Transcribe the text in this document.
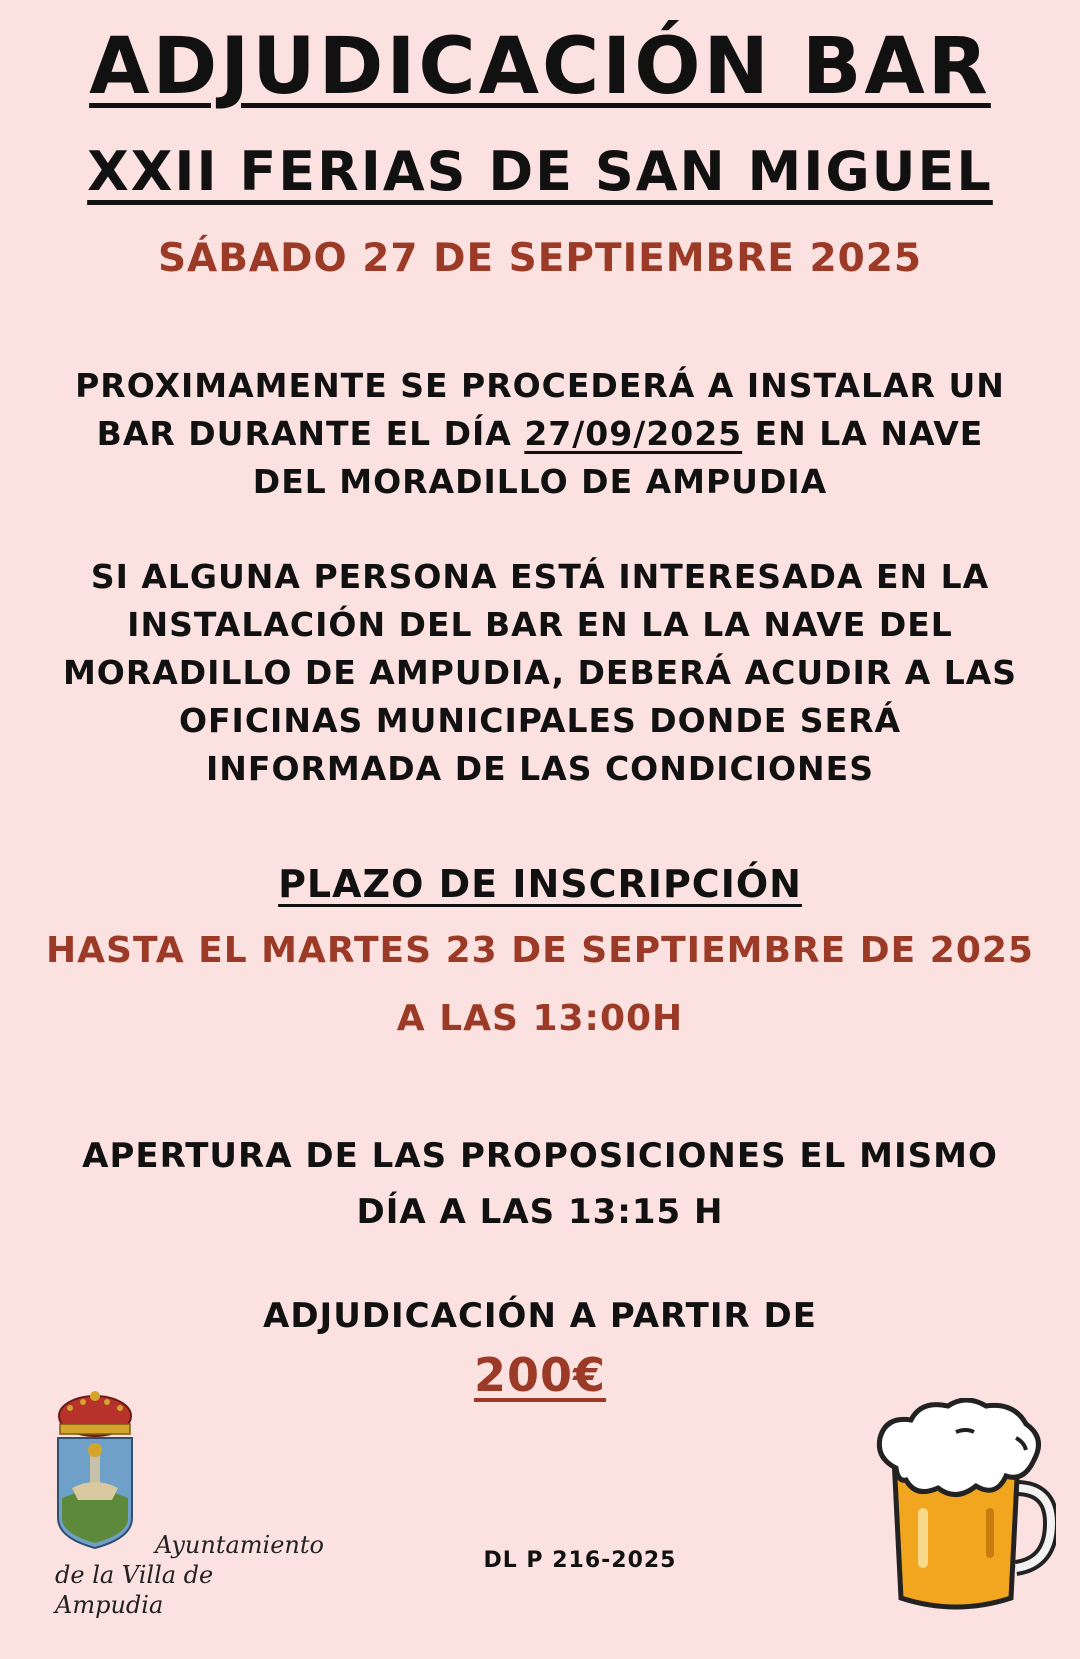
ADJUDICACIÓN BAR
XXII FERIAS DE SAN MIGUEL
SÁBADO 27 DE SEPTIEMBRE 2025
PROXIMAMENTE SE PROCEDERÁ A INSTALAR UN
BAR DURANTE EL DÍA 27/09/2025 EN LA NAVE
DEL MORADILLO DE AMPUDIA
SI ALGUNA PERSONA ESTÁ INTERESADA EN LA
INSTALACIÓN DEL BAR EN LA LA NAVE DEL
MORADILLO DE AMPUDIA, DEBERÁ ACUDIR A LAS
OFICINAS MUNICIPALES DONDE SERÁ
INFORMADA DE LAS CONDICIONES
PLAZO DE INSCRIPCIÓN
HASTA EL MARTES 23 DE SEPTIEMBRE DE 2025
A LAS 13:00H
APERTURA DE LAS PROPOSICIONES EL MISMO
DÍA A LAS 13:15 H
ADJUDICACIÓN A PARTIR DE
200€
Ayuntamiento
de la Villa de Ampudia
DL P 216-2025
